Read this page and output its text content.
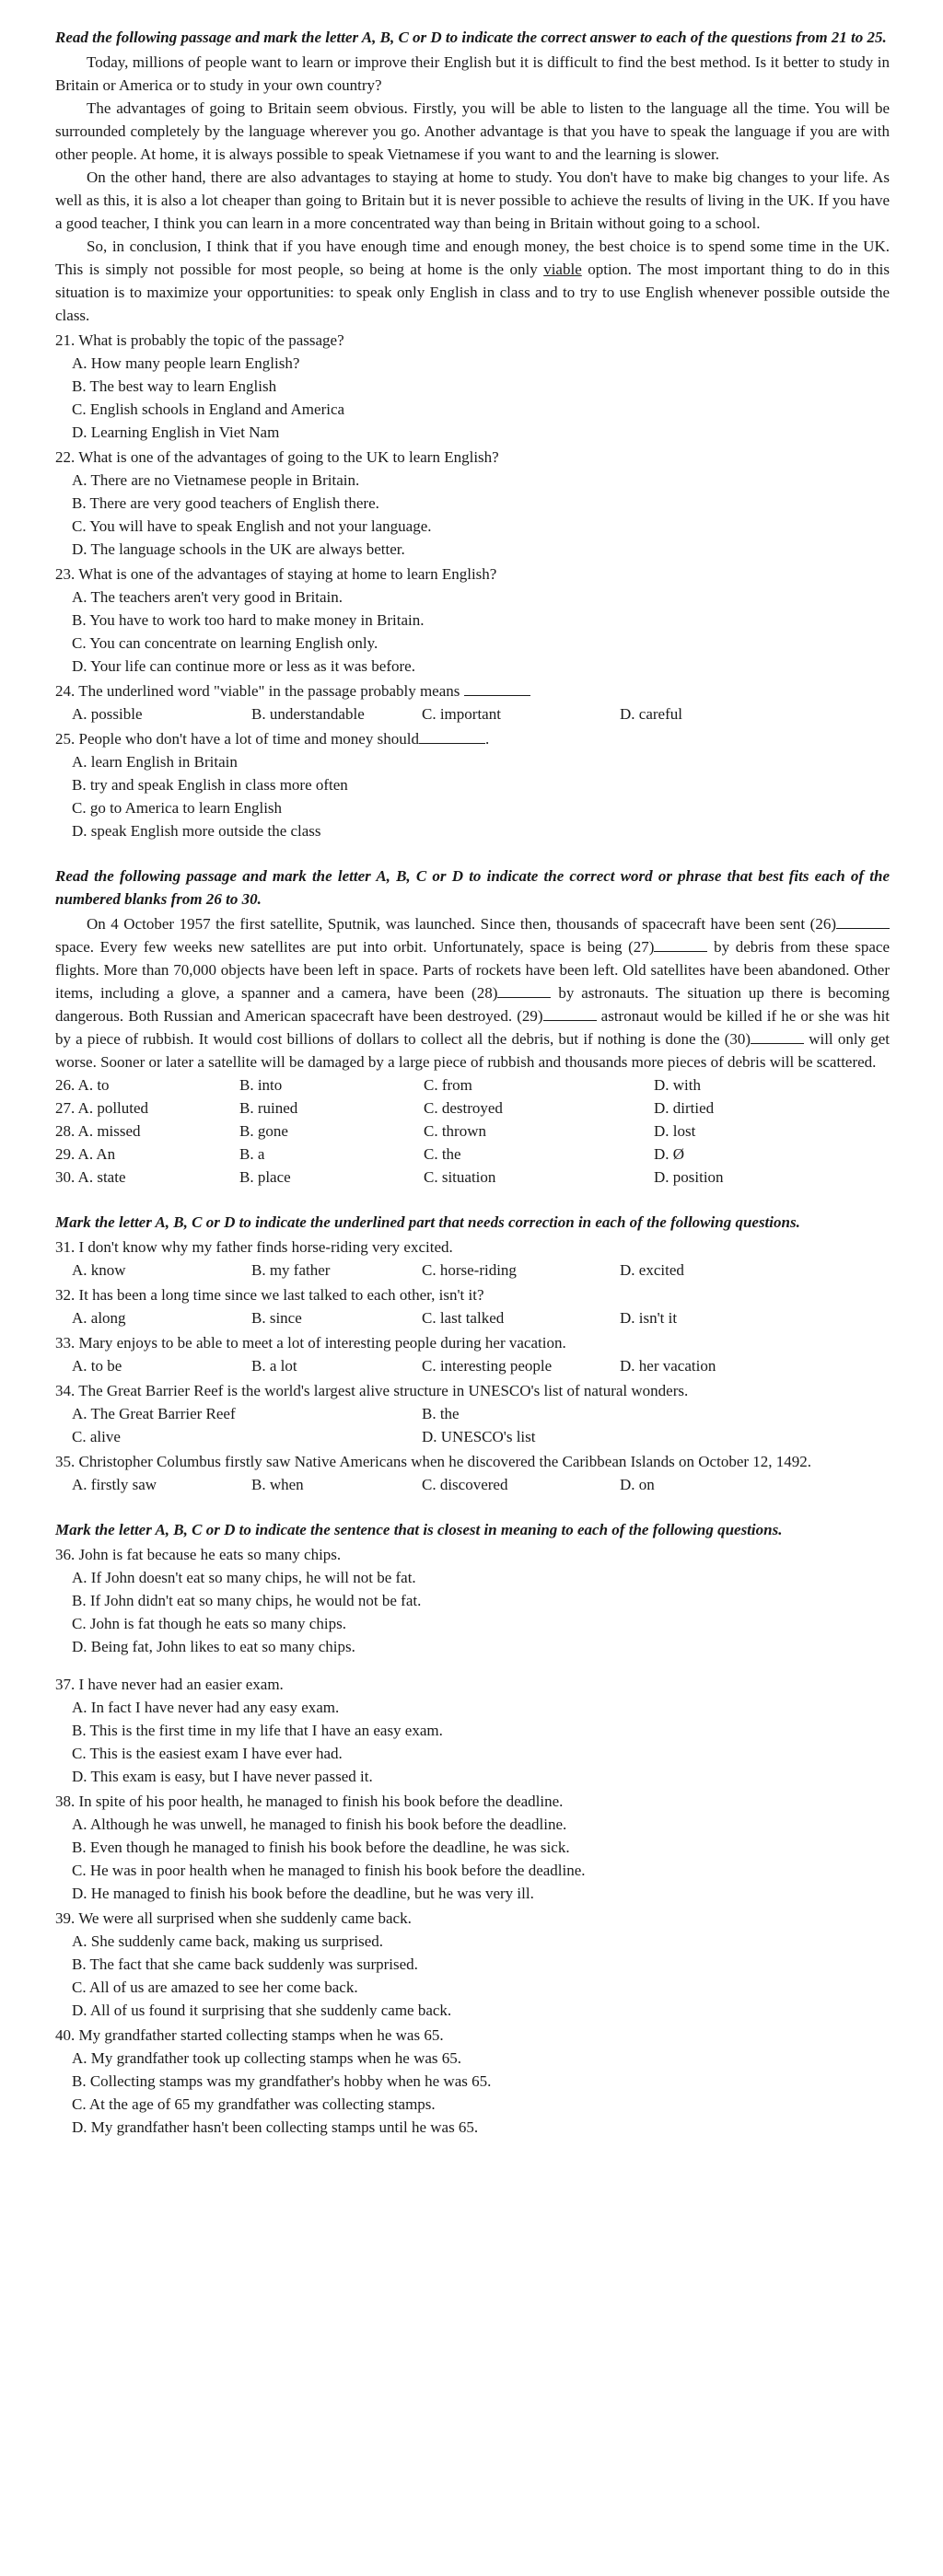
Read the following passage and mark the letter A, B, C or D to indicate the correct answer to each of the questions from 21 to 25.

Today, millions of people want to learn or improve their English but it is difficult to find the best method. Is it better to study in Britain or America or to study in your own country?

The advantages of going to Britain seem obvious. Firstly, you will be able to listen to the language all the time. You will be surrounded completely by the language wherever you go. Another advantage is that you have to speak the language if you are with other people. At home, it is always possible to speak Vietnamese if you want to and the learning is slower.

On the other hand, there are also advantages to staying at home to study. You don't have to make big changes to your life. As well as this, it is also a lot cheaper than going to Britain but it is never possible to achieve the results of living in the UK. If you have a good teacher, I think you can learn in a more concentrated way than being in Britain without going to a school.

So, in conclusion, I think that if you have enough time and enough money, the best choice is to spend some time in the UK. This is simply not possible for most people, so being at home is the only viable option. The most important thing to do in this situation is to maximize your opportunities: to speak only English in class and to try to use English whenever possible outside the class.

21. What is probably the topic of the passage?
A. How many people learn English?
B. The best way to learn English
C. English schools in England and America
D. Learning English in Viet Nam
22. What is one of the advantages of going to the UK to learn English?
A. There are no Vietnamese people in Britain.
B. There are very good teachers of English there.
C. You will have to speak English and not your language.
D. The language schools in the UK are always better.
23. What is one of the advantages of staying at home to learn English?
A. The teachers aren't very good in Britain.
B. You have to work too hard to make money in Britain.
C. You can concentrate on learning English only.
D. Your life can continue more or less as it was before.
24. The underlined word "viable" in the passage probably means
A. possible	B. understandable	C. important	D. careful
25. People who don't have a lot of time and money should	.
A. learn English in Britain
B. try and speak English in class more often
C. go to America to learn English
D. speak English more outside the class
Read the following passage and mark the letter A, B, C or D to indicate the correct word or phrase that best fits each of the numbered blanks from 26 to 30.

On 4 October 1957 the first satellite, Sputnik, was launched. Since then, thousands of spacecraft have been sent (26) space. Every few weeks new satellites are put into orbit. Unfortunately, space is being (27)	by debris from these space flights. More than 70,000 objects have been left in space. Parts of rockets have been left. Old satellites have been abandoned. Other items, including a glove, a spanner and a camera, have been (28)	by astronauts. The situation up there is becoming dangerous. Both Russian and American spacecraft have been destroyed. (29)	astronaut would be killed if he or she was hit by a piece of rubbish. It would cost billions of dollars to collect all the debris, but if nothing is done the (30)	will only get worse. Sooner or later a satellite will be damaged by a large piece of rubbish and thousands more pieces of debris will be scattered.

26. A. to	B. into	C. from	D. with
27. A. polluted	B. ruined	C. destroyed	D. dirtied
28. A. missed	B. gone	C. thrown	D. lost
29. A. An	B. a	C. the	D. Ø
30. A. state	B. place	C. situation	D. position
Mark the letter A, B, C or D to indicate the underlined part that needs correction in each of the following questions.
31. I don't know why my father finds horse-riding very excited.
A. know	B. my father	C. horse-riding	D. excited
32. It has been a long time since we last talked to each other, isn't it?
A. along	B. since	C. last talked	D. isn't it
33. Mary enjoys to be able to meet a lot of interesting people during her vacation.
A. to be	B. a lot	C. interesting people	D. her vacation
34. The Great Barrier Reef is the world's largest alive structure in UNESCO's list of natural wonders.
A. The Great Barrier Reef	B. the
C. alive	D. UNESCO's list
35. Christopher Columbus firstly saw Native Americans when he discovered the Caribbean Islands on October 12, 1492.
A. firstly saw	B. when	C. discovered	D. on
Mark the letter A, B, C or D to indicate the sentence that is closest in meaning to each of the following questions.
36. John is fat because he eats so many chips.
A. If John doesn't eat so many chips, he will not be fat.
B. If John didn't eat so many chips, he would not be fat.
C. John is fat though he eats so many chips.
D. Being fat, John likes to eat so many chips.
37. I have never had an easier exam.
A. In fact I have never had any easy exam.
B. This is the first time in my life that I have an easy exam.
C. This is the easiest exam I have ever had.
D. This exam is easy, but I have never passed it.
38. In spite of his poor health, he managed to finish his book before the deadline.
A. Although he was unwell, he managed to finish his book before the deadline.
B. Even though he managed to finish his book before the deadline, he was sick.
C. He was in poor health when he managed to finish his book before the deadline.
D. He managed to finish his book before the deadline, but he was very ill.
39. We were all surprised when she suddenly came back.
A. She suddenly came back, making us surprised.
B. The fact that she came back suddenly was surprised.
C. All of us are amazed to see her come back.
D. All of us found it surprising that she suddenly came back.
40. My grandfather started collecting stamps when he was 65.
A. My grandfather took up collecting stamps when he was 65.
B. Collecting stamps was my grandfather's hobby when he was 65.
C. At the age of 65 my grandfather was collecting stamps.
D. My grandfather hasn't been collecting stamps until he was 65.
